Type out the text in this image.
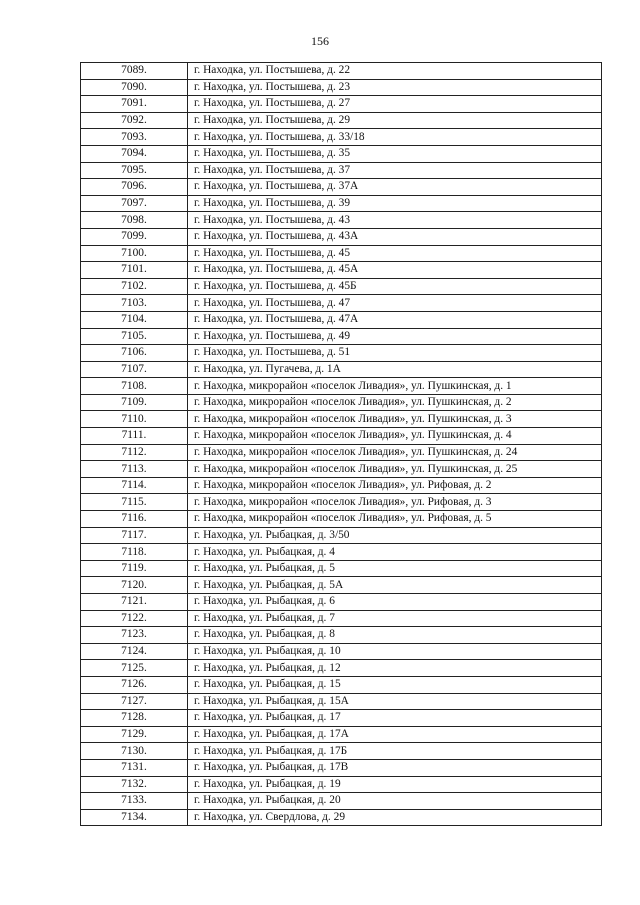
156
7089.	г. Находка, ул. Постышева, д. 22
7090.	г. Находка, ул. Постышева, д. 23
7091.	г. Находка, ул. Постышева, д. 27
7092.	г. Находка, ул. Постышева, д. 29
7093.	г. Находка, ул. Постышева, д. 33/18
7094.	г. Находка, ул. Постышева, д. 35
7095.	г. Находка, ул. Постышева, д. 37
7096.	г. Находка, ул. Постышева, д. 37А
7097.	г. Находка, ул. Постышева, д. 39
7098.	г. Находка, ул. Постышева, д. 43
7099.	г. Находка, ул. Постышева, д. 43А
7100.	г. Находка, ул. Постышева, д. 45
7101.	г. Находка, ул. Постышева, д. 45А
7102.	г. Находка, ул. Постышева, д. 45Б
7103.	г. Находка, ул. Постышева, д. 47
7104.	г. Находка, ул. Постышева, д. 47А
7105.	г. Находка, ул. Постышева, д. 49
7106.	г. Находка, ул. Постышева, д. 51
7107.	г. Находка, ул. Пугачева, д. 1А
7108.	г. Находка, микрорайон «поселок Ливадия», ул. Пушкинская, д. 1
7109.	г. Находка, микрорайон «поселок Ливадия», ул. Пушкинская, д. 2
7110.	г. Находка, микрорайон «поселок Ливадия», ул. Пушкинская, д. 3
7111.	г. Находка, микрорайон «поселок Ливадия», ул. Пушкинская, д. 4
7112.	г. Находка, микрорайон «поселок Ливадия», ул. Пушкинская, д. 24
7113.	г. Находка, микрорайон «поселок Ливадия», ул. Пушкинская, д. 25
7114.	г. Находка, микрорайон «поселок Ливадия», ул. Рифовая, д. 2
7115.	г. Находка, микрорайон «поселок Ливадия», ул. Рифовая, д. 3
7116.	г. Находка, микрорайон «поселок Ливадия», ул. Рифовая, д. 5
7117.	г. Находка, ул. Рыбацкая, д. 3/50
7118.	г. Находка, ул. Рыбацкая, д. 4
7119.	г. Находка, ул. Рыбацкая, д. 5
7120.	г. Находка, ул. Рыбацкая, д. 5А
7121.	г. Находка, ул. Рыбацкая, д. 6
7122.	г. Находка, ул. Рыбацкая, д. 7
7123.	г. Находка, ул. Рыбацкая, д. 8
7124.	г. Находка, ул. Рыбацкая, д. 10
7125.	г. Находка, ул. Рыбацкая, д. 12
7126.	г. Находка, ул. Рыбацкая, д. 15
7127.	г. Находка, ул. Рыбацкая, д. 15А
7128.	г. Находка, ул. Рыбацкая, д. 17
7129.	г. Находка, ул. Рыбацкая, д. 17А
7130.	г. Находка, ул. Рыбацкая, д. 17Б
7131.	г. Находка, ул. Рыбацкая, д. 17В
7132.	г. Находка, ул. Рыбацкая, д. 19
7133.	г. Находка, ул. Рыбацкая, д. 20
7134.	г. Находка, ул. Свердлова, д. 29
